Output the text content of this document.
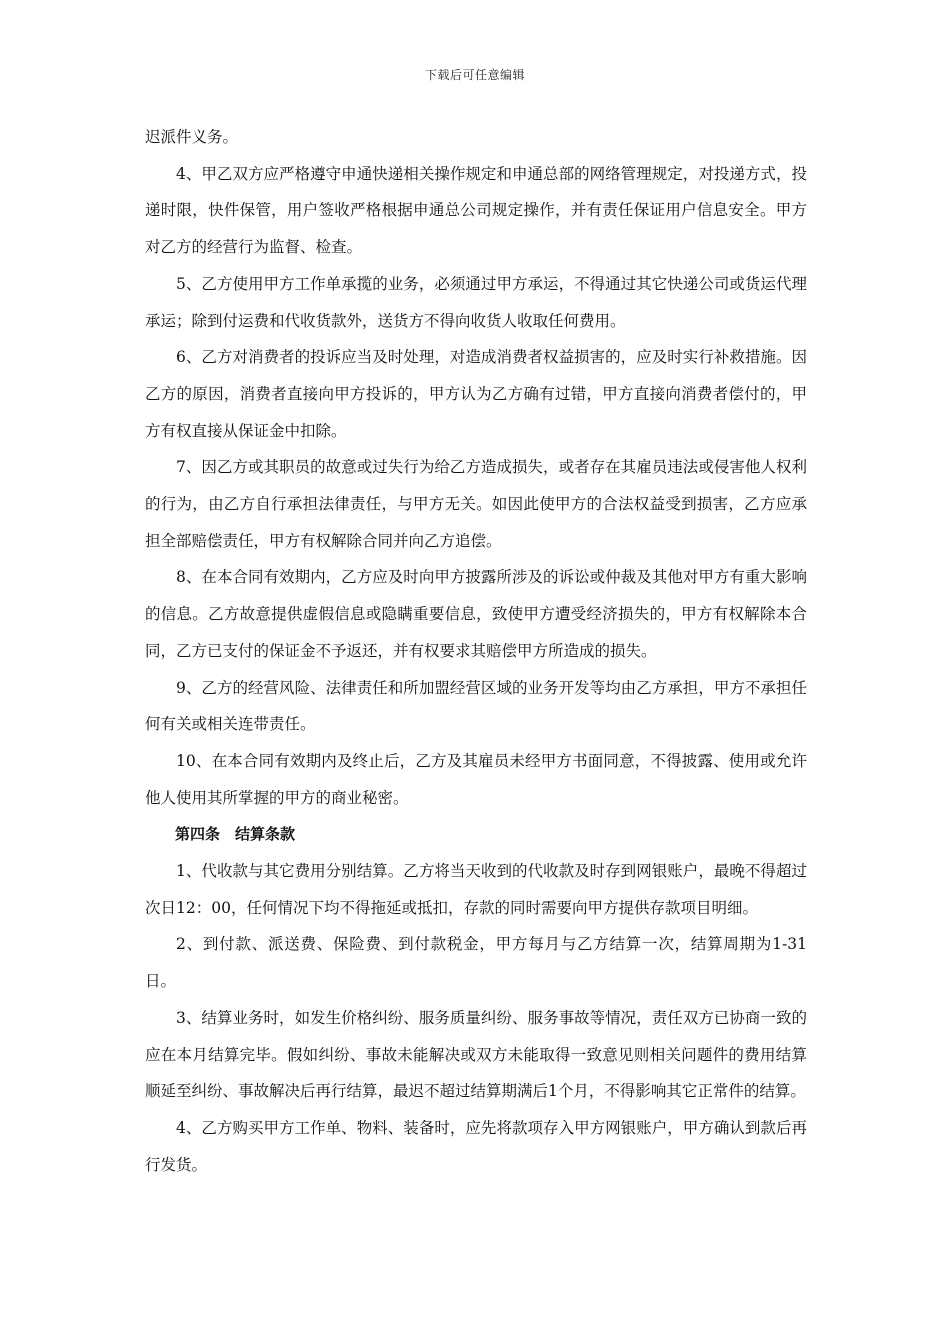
下载后可任意编辑

迟派件义务。

4、甲乙双方应严格遵守申通快递相关操作规定和申通总部的网络管理规定，对投递方式，投递时限，快件保管，用户签收严格根据申通总公司规定操作，并有责任保证用户信息安全。甲方对乙方的经营行为监督、检查。

5、乙方使用甲方工作单承揽的业务，必须通过甲方承运，不得通过其它快递公司或货运代理承运；除到付运费和代收货款外，送货方不得向收货人收取任何费用。

6、乙方对消费者的投诉应当及时处理，对造成消费者权益损害的，应及时实行补救措施。因乙方的原因，消费者直接向甲方投诉的，甲方认为乙方确有过错，甲方直接向消费者偿付的，甲方有权直接从保证金中扣除。

7、因乙方或其职员的故意或过失行为给乙方造成损失，或者存在其雇员违法或侵害他人权利的行为，由乙方自行承担法律责任，与甲方无关。如因此使甲方的合法权益受到损害，乙方应承担全部赔偿责任，甲方有权解除合同并向乙方追偿。

8、在本合同有效期内，乙方应及时向甲方披露所涉及的诉讼或仲裁及其他对甲方有重大影响的信息。乙方故意提供虚假信息或隐瞒重要信息，致使甲方遭受经济损失的，甲方有权解除本合同，乙方已支付的保证金不予返还，并有权要求其赔偿甲方所造成的损失。

9、乙方的经营风险、法律责任和所加盟经营区域的业务开发等均由乙方承担，甲方不承担任何有关或相关连带责任。

10、在本合同有效期内及终止后，乙方及其雇员未经甲方书面同意，不得披露、使用或允许他人使用其所掌握的甲方的商业秘密。

第四条　结算条款

1、代收款与其它费用分别结算。乙方将当天收到的代收款及时存到网银账户，最晚不得超过次日12：00，任何情况下均不得拖延或抵扣，存款的同时需要向甲方提供存款项目明细。

2、到付款、派送费、保险费、到付款税金，甲方每月与乙方结算一次，结算周期为1-31日。

3、结算业务时，如发生价格纠纷、服务质量纠纷、服务事故等情况，责任双方已协商一致的应在本月结算完毕。假如纠纷、事故未能解决或双方未能取得一致意见则相关问题件的费用结算顺延至纠纷、事故解决后再行结算，最迟不超过结算期满后1个月，不得影响其它正常件的结算。

4、乙方购买甲方工作单、物料、装备时，应先将款项存入甲方网银账户，甲方确认到款后再行发货。
